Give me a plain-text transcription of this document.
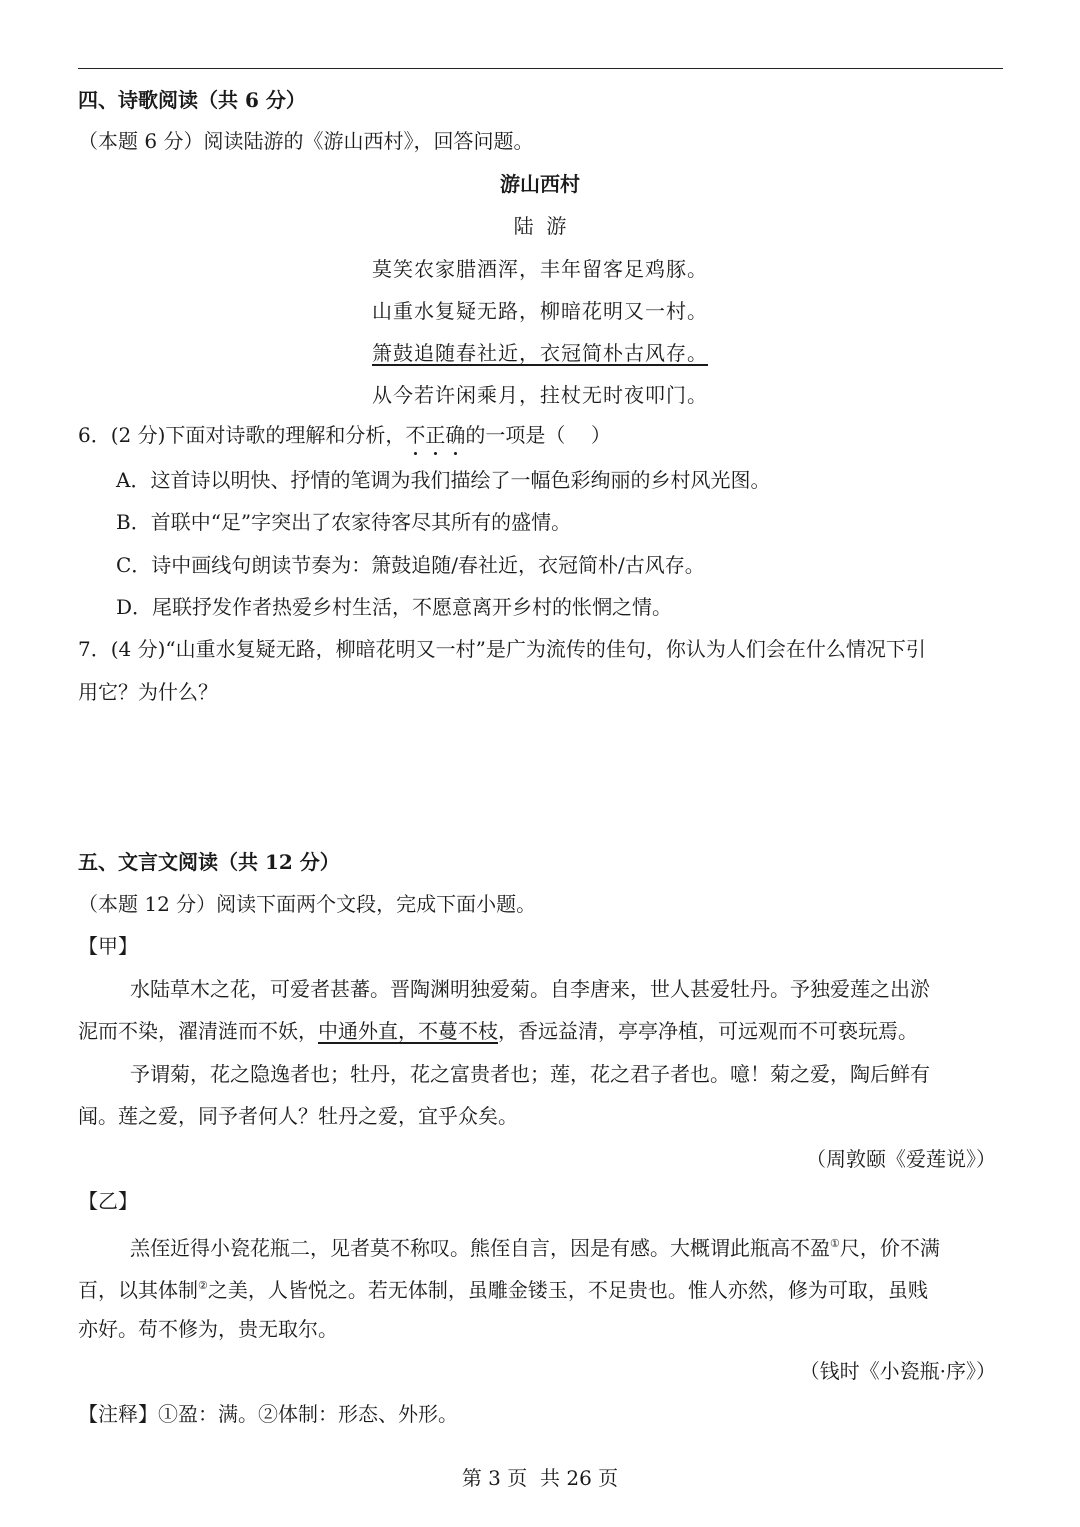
四、诗歌阅读（共 6 分）
（本题 6 分）阅读陆游的《游山西村》，回答问题。
游山西村
陆  游
莫笑农家腊酒浑，丰年留客足鸡豚。
山重水复疑无路，柳暗花明又一村。
箫鼓追随春社近，衣冠简朴古风存。
从今若许闲乘月，拄杖无时夜叩门。
6．(2 分)下面对诗歌的理解和分析，不正确的一项是（    ）
A．这首诗以明快、抒情的笔调为我们描绘了一幅色彩绚丽的乡村风光图。
B．首联中“足”字突出了农家待客尽其所有的盛情。
C．诗中画线句朗读节奏为：箫鼓追随/春社近，衣冠简朴/古风存。
D．尾联抒发作者热爱乡村生活，不愿意离开乡村的怅惘之情。
7．(4 分)“山重水复疑无路，柳暗花明又一村”是广为流传的佳句，你认为人们会在什么情况下引
用它？为什么？
五、文言文阅读（共 12 分）
（本题 12 分）阅读下面两个文段，完成下面小题。
【甲】
水陆草木之花，可爱者甚蕃。晋陶渊明独爱菊。自李唐来，世人甚爱牡丹。予独爱莲之出淤
泥而不染，濯清涟而不妖，中通外直，不蔓不枝，香远益清，亭亭净植，可远观而不可亵玩焉。
予谓菊，花之隐逸者也；牡丹，花之富贵者也；莲，花之君子者也。噫！菊之爱，陶后鲜有
闻。莲之爱，同予者何人？牡丹之爱，宜乎众矣。
（周敦颐《爱莲说》）
【乙】
羔侄近得小瓷花瓶二，见者莫不称叹。熊侄自言，因是有感。大概谓此瓶高不盈①尺，价不满
百，以其体制②之美，人皆悦之。若无体制，虽雕金镂玉，不足贵也。惟人亦然，修为可取，虽贱
亦好。苟不修为，贵无取尔。
（钱时《小瓷瓶·序》）
【注释】①盈：满。②体制：形态、外形。
第 3 页  共 26 页
